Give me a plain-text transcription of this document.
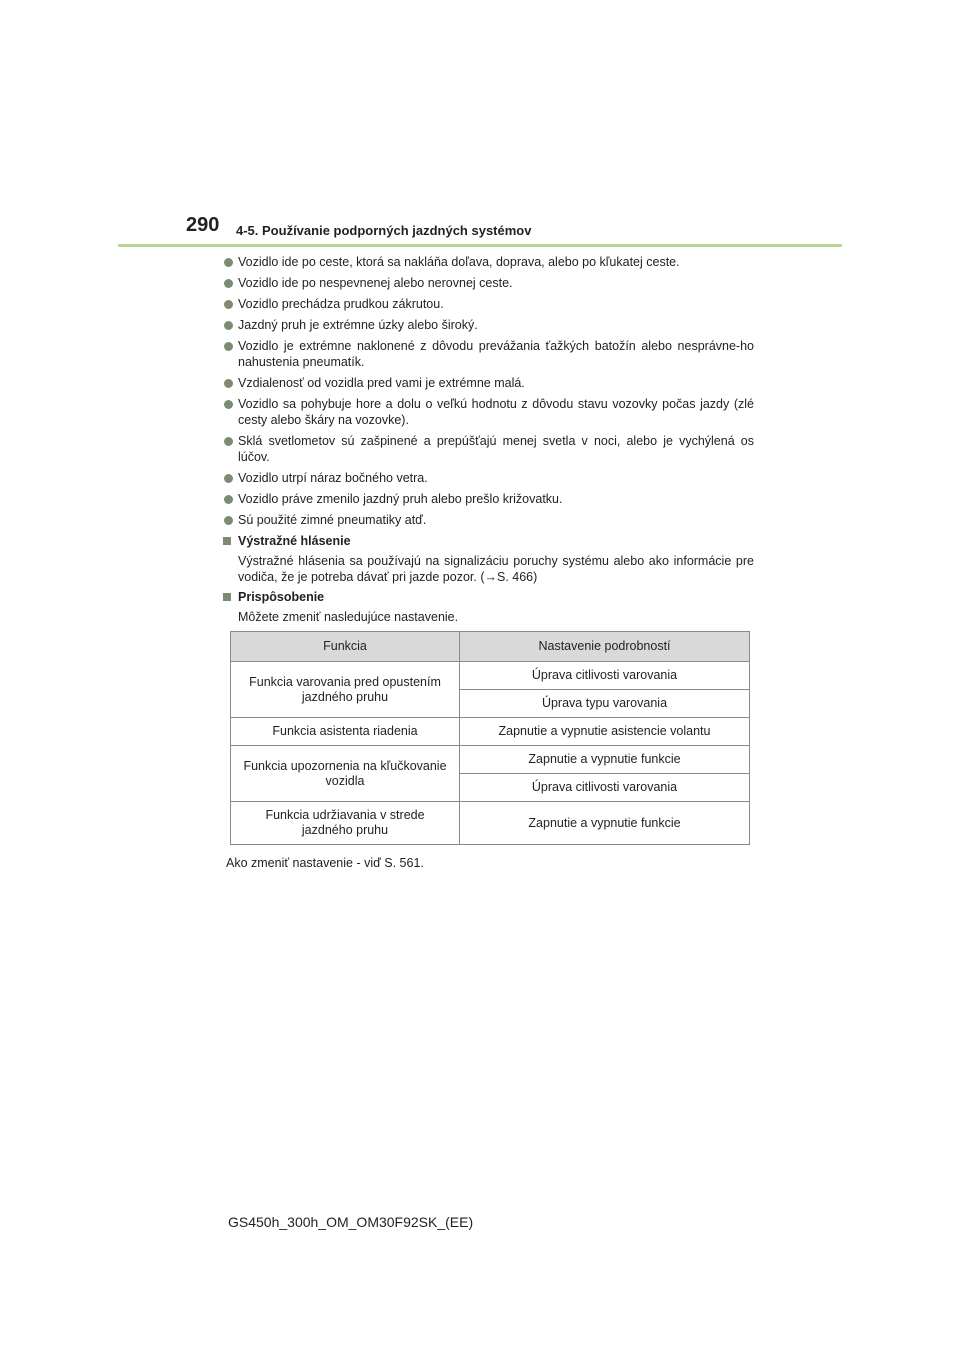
290 4-5. Používanie podporných jazdných systémov
Vozidlo ide po ceste, ktorá sa nakláňa doľava, doprava, alebo po kľukatej ceste.
Vozidlo ide po nespevnenej alebo nerovnej ceste.
Vozidlo prechádza prudkou zákrutou.
Jazdný pruh je extrémne úzky alebo široký.
Vozidlo je extrémne naklonené z dôvodu prevážania ťažkých batožín alebo nesprávne-ho nahustenia pneumatík.
Vzdialenosť od vozidla pred vami je extrémne malá.
Vozidlo sa pohybuje hore a dolu o veľkú hodnotu z dôvodu stavu vozovky počas jazdy (zlé cesty alebo škáry na vozovke).
Sklá svetlometov sú zašpinené a prepúšťajú menej svetla v noci, alebo je vychýlená os lúčov.
Vozidlo utrpí náraz bočného vetra.
Vozidlo práve zmenilo jazdný pruh alebo prešlo križovatku.
Sú použité zimné pneumatiky atď.
Výstražné hlásenie

Výstražné hlásenia sa používajú na signalizáciu poruchy systému alebo ako informácie pre vodiča, že je potreba dávať pri jazde pozor. (→S. 466)

Prispôsobenie

Môžete zmeniť nasledujúce nastavenie.

Funkcia	Nastavenie podrobností
Funkcia varovania pred opustením jazdného pruhu	Úprava citlivosti varovania
	Úprava typu varovania
Funkcia asistenta riadenia	Zapnutie a vypnutie asistencie volantu
Funkcia upozornenia na kľučkovanie vozidla	Zapnutie a vypnutie funkcie
	Úprava citlivosti varovania
Funkcia udržiavania v strede jazdného pruhu	Zapnutie a vypnutie funkcie
Ako zmeniť nastavenie - viď S. 561.
GS450h_300h_OM_OM30F92SK_(EE)
